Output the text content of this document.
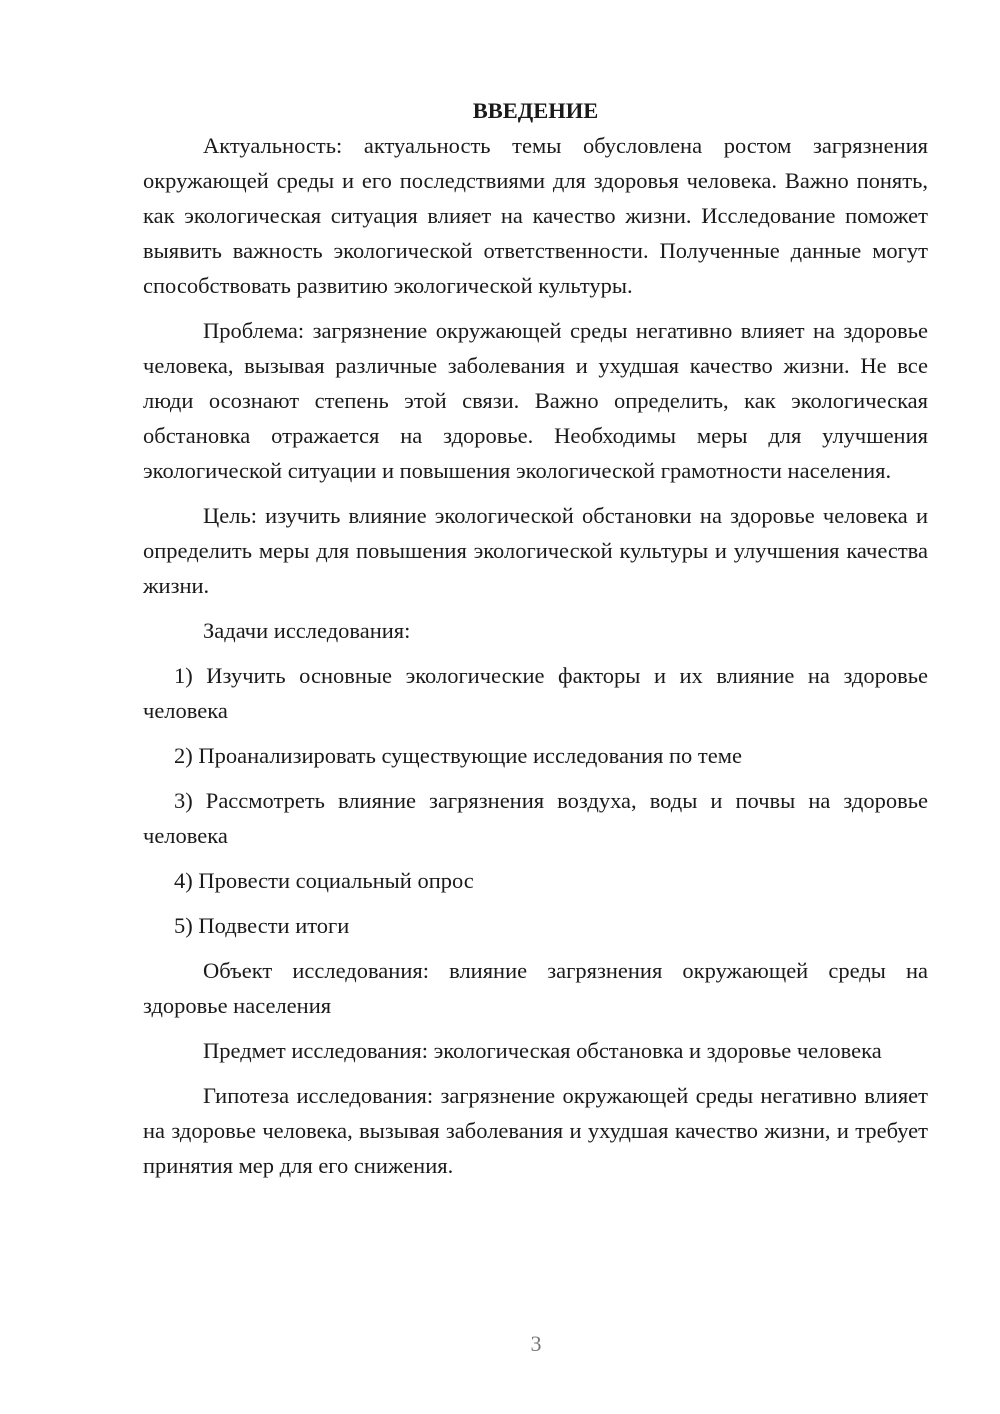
ВВЕДЕНИЕ

Актуальность: актуальность темы обусловлена ростом загрязнения окружающей среды и его последствиями для здоровья человека. Важно понять, как экологическая ситуация влияет на качество жизни. Исследование поможет выявить важность экологической ответственности. Полученные данные могут способствовать развитию экологической культуры.

Проблема: загрязнение окружающей среды негативно влияет на здоровье человека, вызывая различные заболевания и ухудшая качество жизни. Не все люди осознают степень этой связи. Важно определить, как экологическая обстановка отражается на здоровье. Необходимы меры для улучшения экологической ситуации и повышения экологической грамотности населения.

Цель: изучить влияние экологической обстановки на здоровье человека и определить меры для повышения экологической культуры и улучшения качества жизни.

Задачи исследования:

1) Изучить основные экологические факторы и их влияние на здоровье человека

2) Проанализировать существующие исследования по теме

3) Рассмотреть влияние загрязнения воздуха, воды и почвы на здоровье человека

4) Провести социальный опрос

5) Подвести итоги

Объект исследования: влияние загрязнения окружающей среды на здоровье населения

Предмет исследования: экологическая обстановка и здоровье человека

Гипотеза исследования: загрязнение окружающей среды негативно влияет на здоровье человека, вызывая заболевания и ухудшая качество жизни, и требует принятия мер для его снижения.

3
